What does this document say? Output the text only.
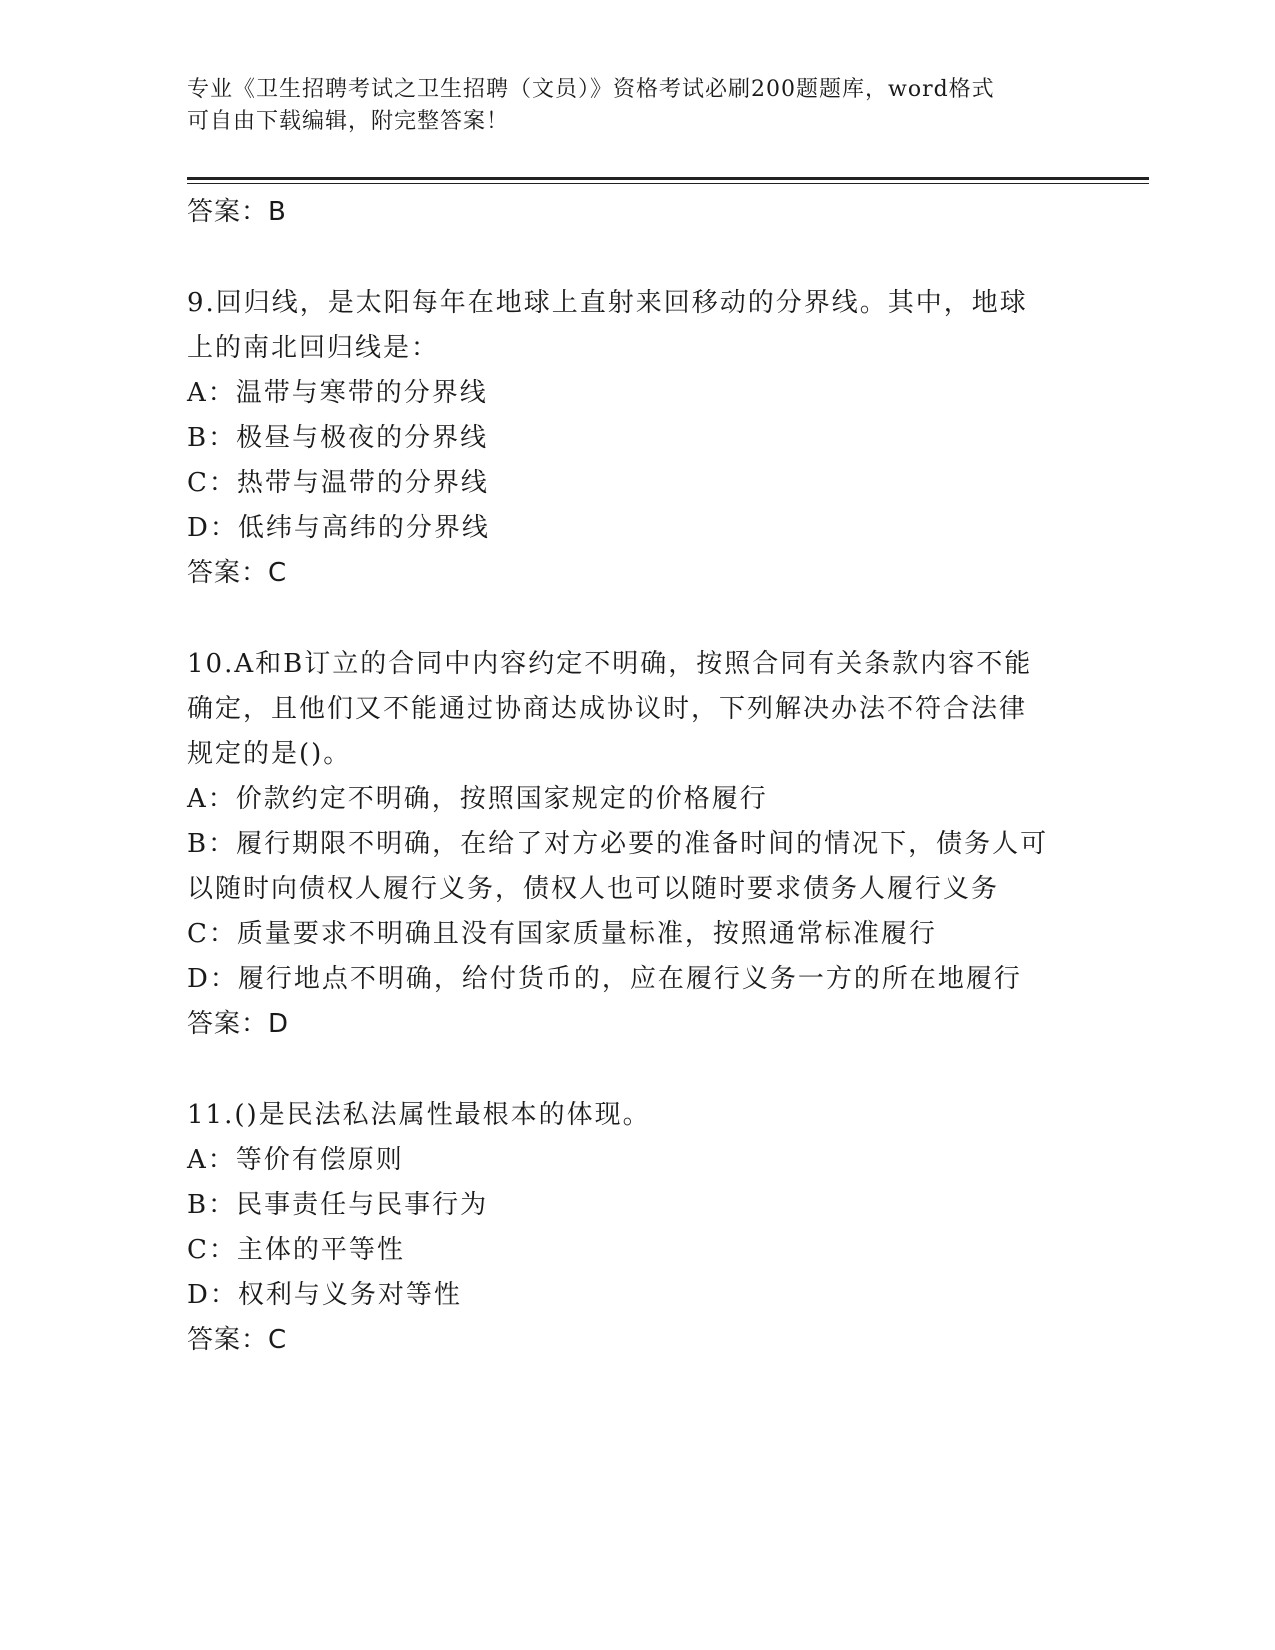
专业《卫生招聘考试之卫生招聘（文员）》资格考试必刷200题题库，word格式
可自由下载编辑，附完整答案！
答案：B
9.回归线，是太阳每年在地球上直射来回移动的分界线。其中，地球
上的南北回归线是：
A：温带与寒带的分界线
B：极昼与极夜的分界线
C：热带与温带的分界线
D：低纬与高纬的分界线
答案：C
10.A和B订立的合同中内容约定不明确，按照合同有关条款内容不能
确定，且他们又不能通过协商达成协议时，下列解决办法不符合法律
规定的是()。
A：价款约定不明确，按照国家规定的价格履行
B：履行期限不明确，在给了对方必要的准备时间的情况下，债务人可
以随时向债权人履行义务，债权人也可以随时要求债务人履行义务
C：质量要求不明确且没有国家质量标准，按照通常标准履行
D：履行地点不明确，给付货币的，应在履行义务一方的所在地履行
答案：D
11.()是民法私法属性最根本的体现。
A：等价有偿原则
B：民事责任与民事行为
C：主体的平等性
D：权利与义务对等性
答案：C
